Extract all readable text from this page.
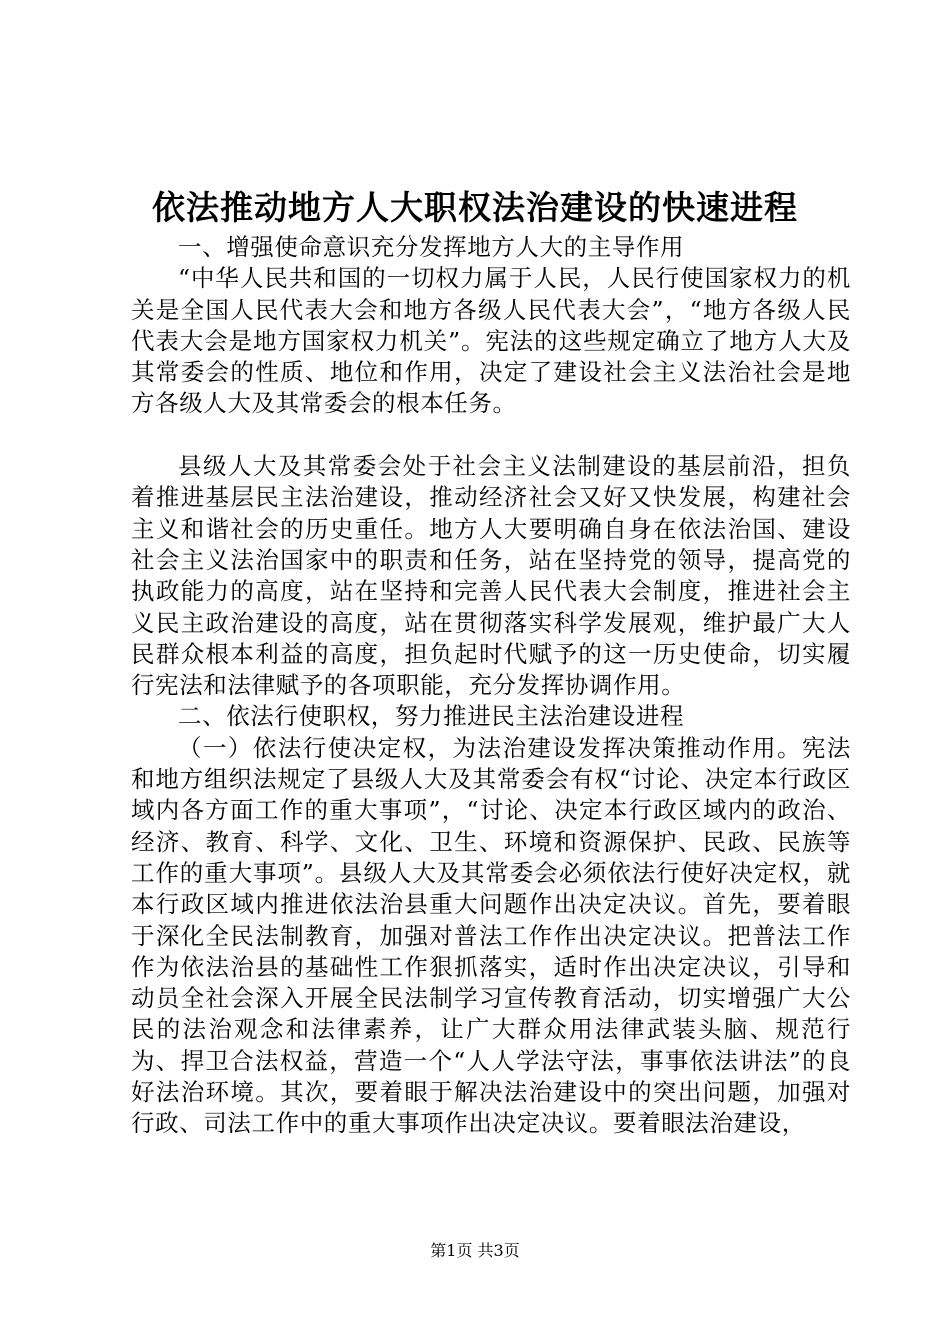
依法推动地方人大职权法治建设的快速进程

一、增强使命意识充分发挥地方人大的主导作用

“中华人民共和国的一切权力属于人民，人民行使国家权力的机关是全国人民代表大会和地方各级人民代表大会”，“地方各级人民代表大会是地方国家权力机关”。宪法的这些规定确立了地方人大及其常委会的性质、地位和作用，决定了建设社会主义法治社会是地方各级人大及其常委会的根本任务。

县级人大及其常委会处于社会主义法制建设的基层前沿，担负着推进基层民主法治建设，推动经济社会又好又快发展，构建社会主义和谐社会的历史重任。地方人大要明确自身在依法治国、建设社会主义法治国家中的职责和任务，站在坚持党的领导，提高党的执政能力的高度，站在坚持和完善人民代表大会制度，推进社会主义民主政治建设的高度，站在贯彻落实科学发展观，维护最广大人民群众根本利益的高度，担负起时代赋予的这一历史使命，切实履行宪法和法律赋予的各项职能，充分发挥协调作用。

二、依法行使职权，努力推进民主法治建设进程

（一）依法行使决定权，为法治建设发挥决策推动作用。宪法和地方组织法规定了县级人大及其常委会有权“讨论、决定本行政区域内各方面工作的重大事项”，“讨论、决定本行政区域内的政治、经济、教育、科学、文化、卫生、环境和资源保护、民政、民族等工作的重大事项”。县级人大及其常委会必须依法行使好决定权，就本行政区域内推进依法治县重大问题作出决定决议。首先，要着眼于深化全民法制教育，加强对普法工作作出决定决议。把普法工作作为依法治县的基础性工作狠抓落实，适时作出决定决议，引导和动员全社会深入开展全民法制学习宣传教育活动，切实增强广大公民的法治观念和法律素养，让广大群众用法律武装头脑、规范行为、捍卫合法权益，营造一个“人人学法守法，事事依法讲法”的良好法治环境。其次，要着眼于解决法治建设中的突出问题，加强对行政、司法工作中的重大事项作出决定决议。要着眼法治建设，

第1页 共3页
